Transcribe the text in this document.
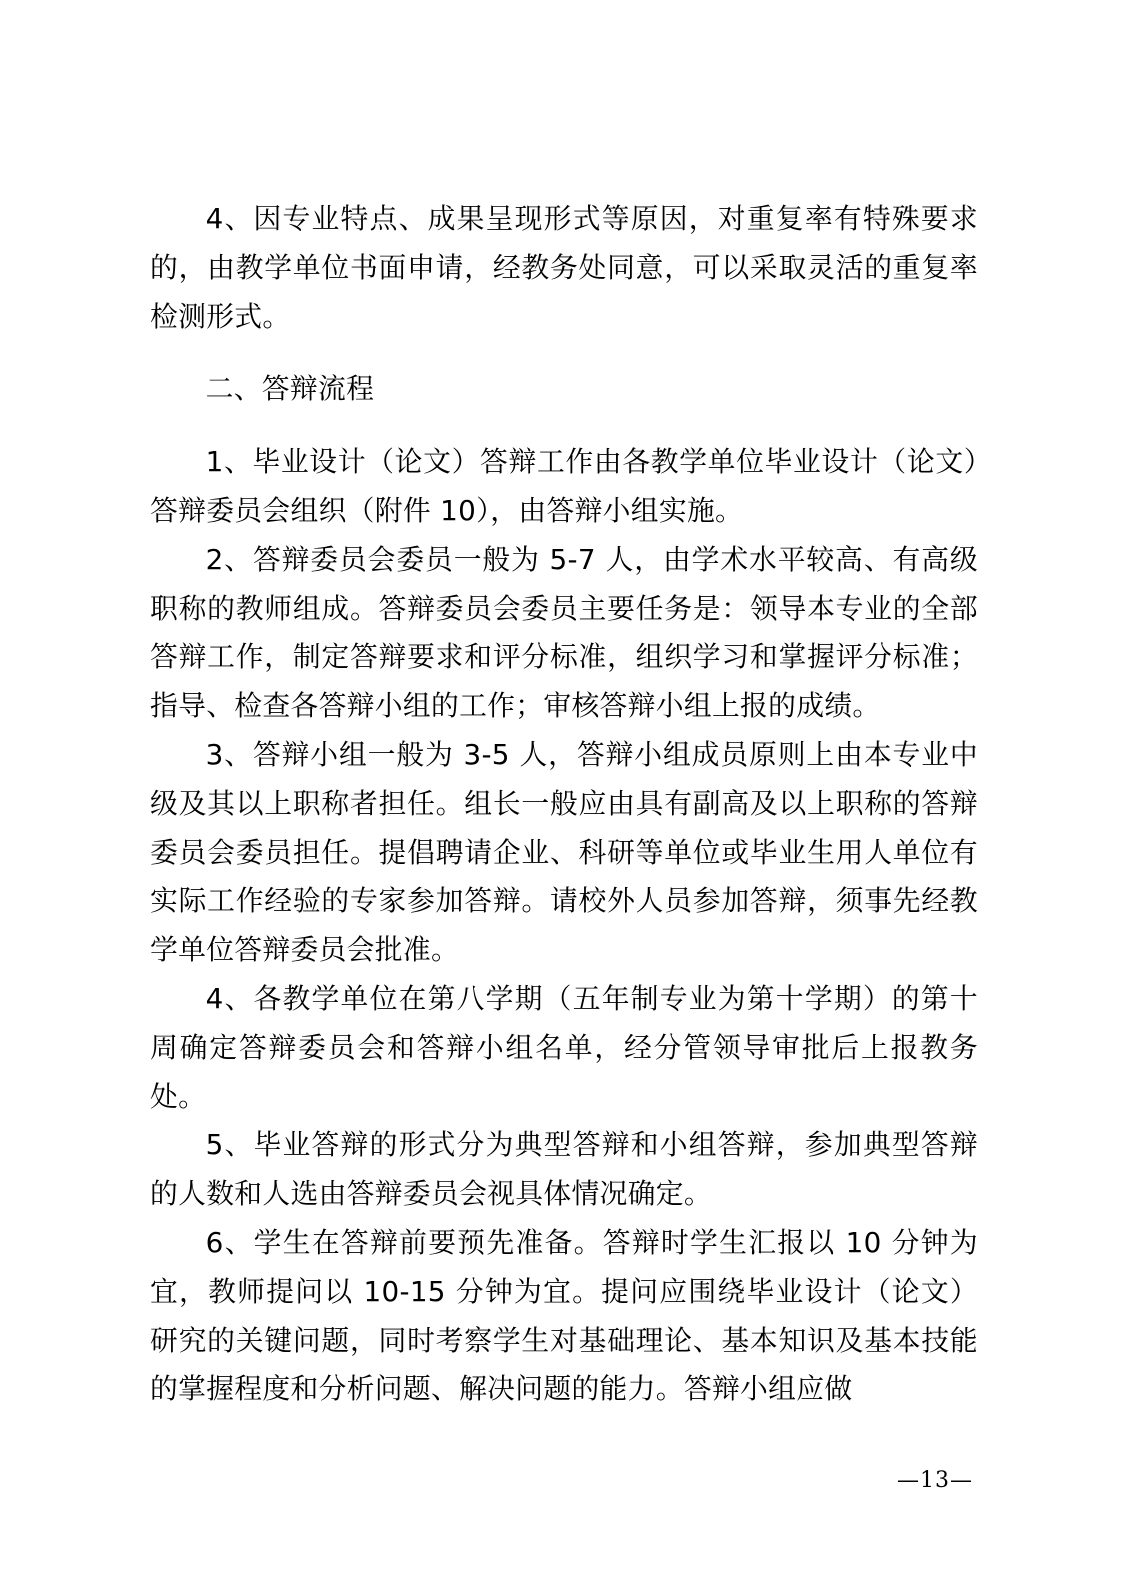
4、因专业特点、成果呈现形式等原因，对重复率有特殊要求的，由教学单位书面申请，经教务处同意，可以采取灵活的重复率检测形式。

二、答辩流程

1、毕业设计（论文）答辩工作由各教学单位毕业设计（论文）答辩委员会组织（附件 10），由答辩小组实施。

2、答辩委员会委员一般为 5-7 人，由学术水平较高、有高级职称的教师组成。答辩委员会委员主要任务是：领导本专业的全部答辩工作，制定答辩要求和评分标准，组织学习和掌握评分标准；指导、检查各答辩小组的工作；审核答辩小组上报的成绩。

3、答辩小组一般为 3-5 人，答辩小组成员原则上由本专业中级及其以上职称者担任。组长一般应由具有副高及以上职称的答辩委员会委员担任。提倡聘请企业、科研等单位或毕业生用人单位有实际工作经验的专家参加答辩。请校外人员参加答辩，须事先经教学单位答辩委员会批准。

4、各教学单位在第八学期（五年制专业为第十学期）的第十周确定答辩委员会和答辩小组名单，经分管领导审批后上报教务处。

5、毕业答辩的形式分为典型答辩和小组答辩，参加典型答辩的人数和人选由答辩委员会视具体情况确定。

6、学生在答辩前要预先准备。答辩时学生汇报以 10 分钟为宜，教师提问以 10-15 分钟为宜。提问应围绕毕业设计（论文）研究的关键问题，同时考察学生对基础理论、基本知识及基本技能的掌握程度和分析问题、解决问题的能力。答辩小组应做

—13—
